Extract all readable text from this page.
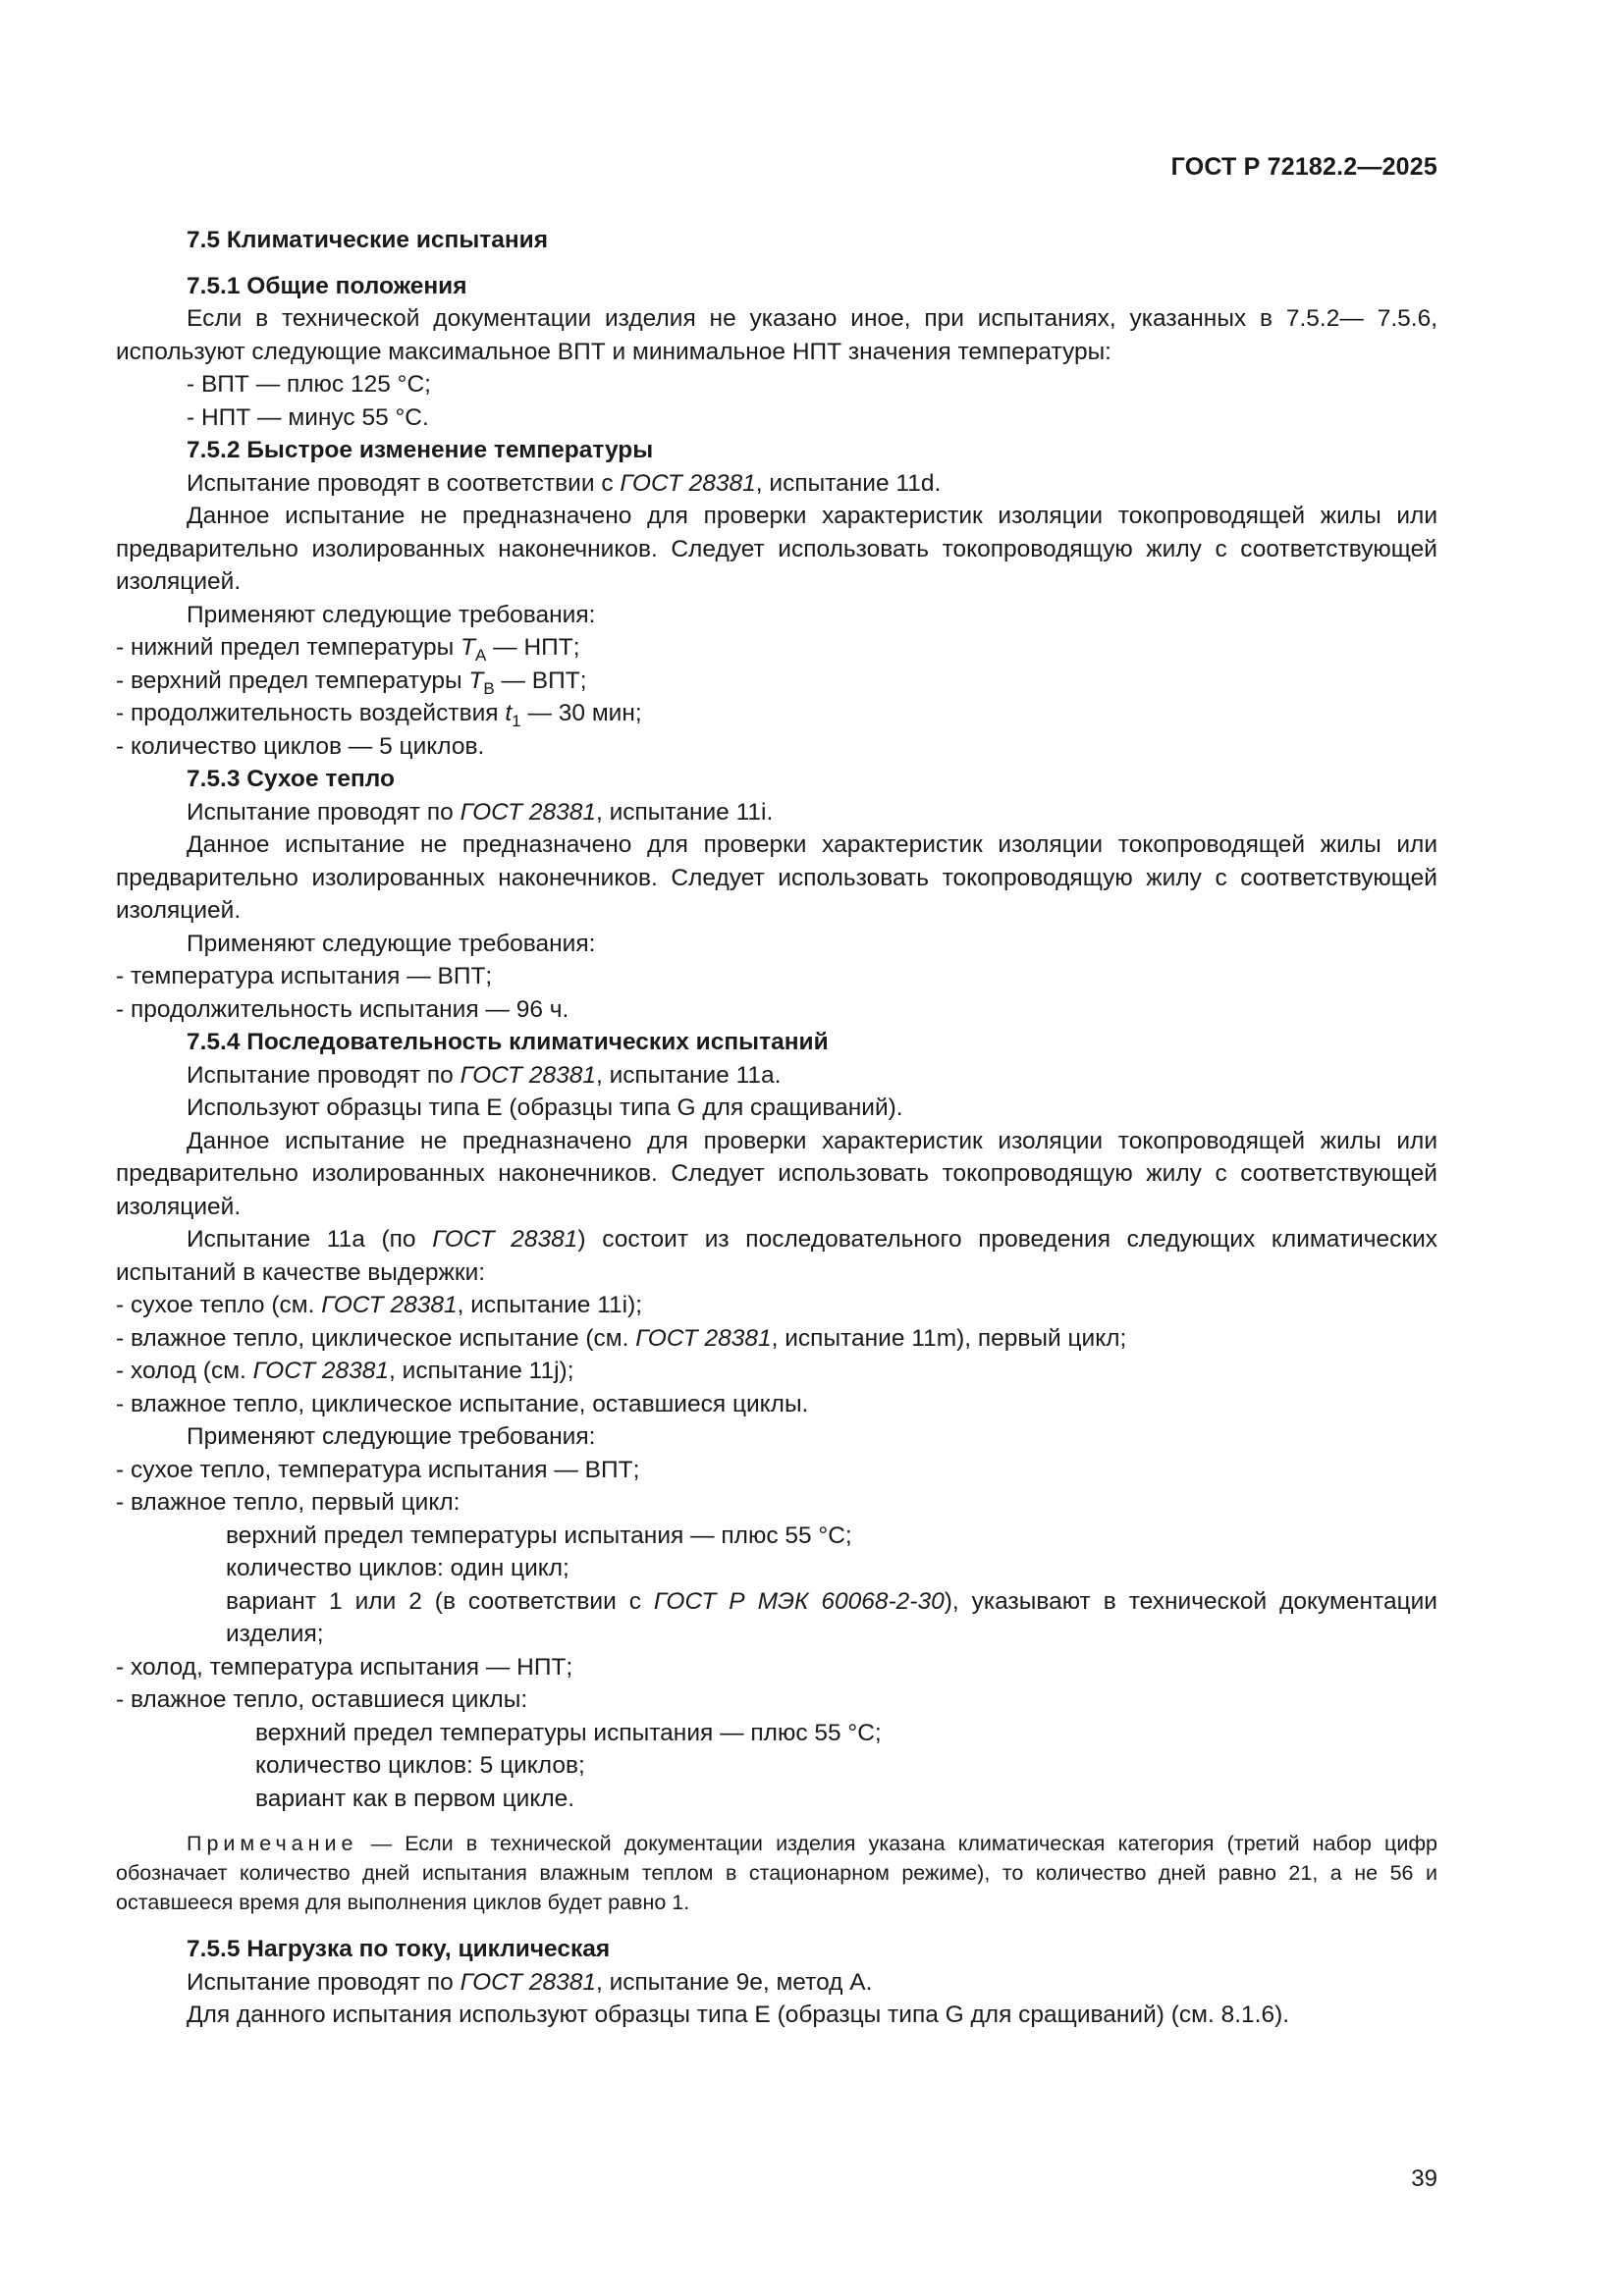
ГОСТ Р 72182.2—2025

7.5 Климатические испытания

7.5.1 Общие положения

Если в технической документации изделия не указано иное, при испытаниях, указанных в 7.5.2— 7.5.6, используют следующие максимальное ВПТ и минимальное НПТ значения температуры:

- ВПТ — плюс 125 °С;

- НПТ — минус 55 °С.

7.5.2 Быстрое изменение температуры

Испытание проводят в соответствии с ГОСТ 28381, испытание 11d.

Данное испытание не предназначено для проверки характеристик изоляции токопроводящей жилы или предварительно изолированных наконечников. Следует использовать токопроводящую жилу с соответствующей изоляцией.

Применяют следующие требования:

- нижний предел температуры $T_A$ — НПТ;

- верхний предел температуры $T_B$ — ВПТ;

- продолжительность воздействия $t_1$ — 30 мин;

- количество циклов — 5 циклов.

7.5.3 Сухое тепло

Испытание проводят по ГОСТ 28381, испытание 11i.

Данное испытание не предназначено для проверки характеристик изоляции токопроводящей жилы или предварительно изолированных наконечников. Следует использовать токопроводящую жилу с соответствующей изоляцией.

Применяют следующие требования:

- температура испытания — ВПТ;

- продолжительность испытания — 96 ч.

7.5.4 Последовательность климатических испытаний

Испытание проводят по ГОСТ 28381, испытание 11a.

Используют образцы типа E (образцы типа G для сращиваний).

Данное испытание не предназначено для проверки характеристик изоляции токопроводящей жилы или предварительно изолированных наконечников. Следует использовать токопроводящую жилу с соответствующей изоляцией.

Испытание 11a (по ГОСТ 28381) состоит из последовательного проведения следующих климатических испытаний в качестве выдержки:

- сухое тепло (см. ГОСТ 28381, испытание 11i);

- влажное тепло, циклическое испытание (см. ГОСТ 28381, испытание 11m), первый цикл;

- холод (см. ГОСТ 28381, испытание 11j);

- влажное тепло, циклическое испытание, оставшиеся циклы.

Применяют следующие требования:

- сухое тепло, температура испытания — ВПТ;

- влажное тепло, первый цикл:

верхний предел температуры испытания — плюс 55 °С;

количество циклов: один цикл;

вариант 1 или 2 (в соответствии с ГОСТ Р МЭК 60068-2-30), указывают в технической документации изделия;

- холод, температура испытания — НПТ;

- влажное тепло, оставшиеся циклы:

верхний предел температуры испытания — плюс 55 °С;

количество циклов: 5 циклов;

вариант как в первом цикле.

Примечание — Если в технической документации изделия указана климатическая категория (третий набор цифр обозначает количество дней испытания влажным теплом в стационарном режиме), то количество дней равно 21, а не 56 и оставшееся время для выполнения циклов будет равно 1.

7.5.5 Нагрузка по току, циклическая

Испытание проводят по ГОСТ 28381, испытание 9e, метод A.

Для данного испытания используют образцы типа E (образцы типа G для сращиваний) (см. 8.1.6).

39
